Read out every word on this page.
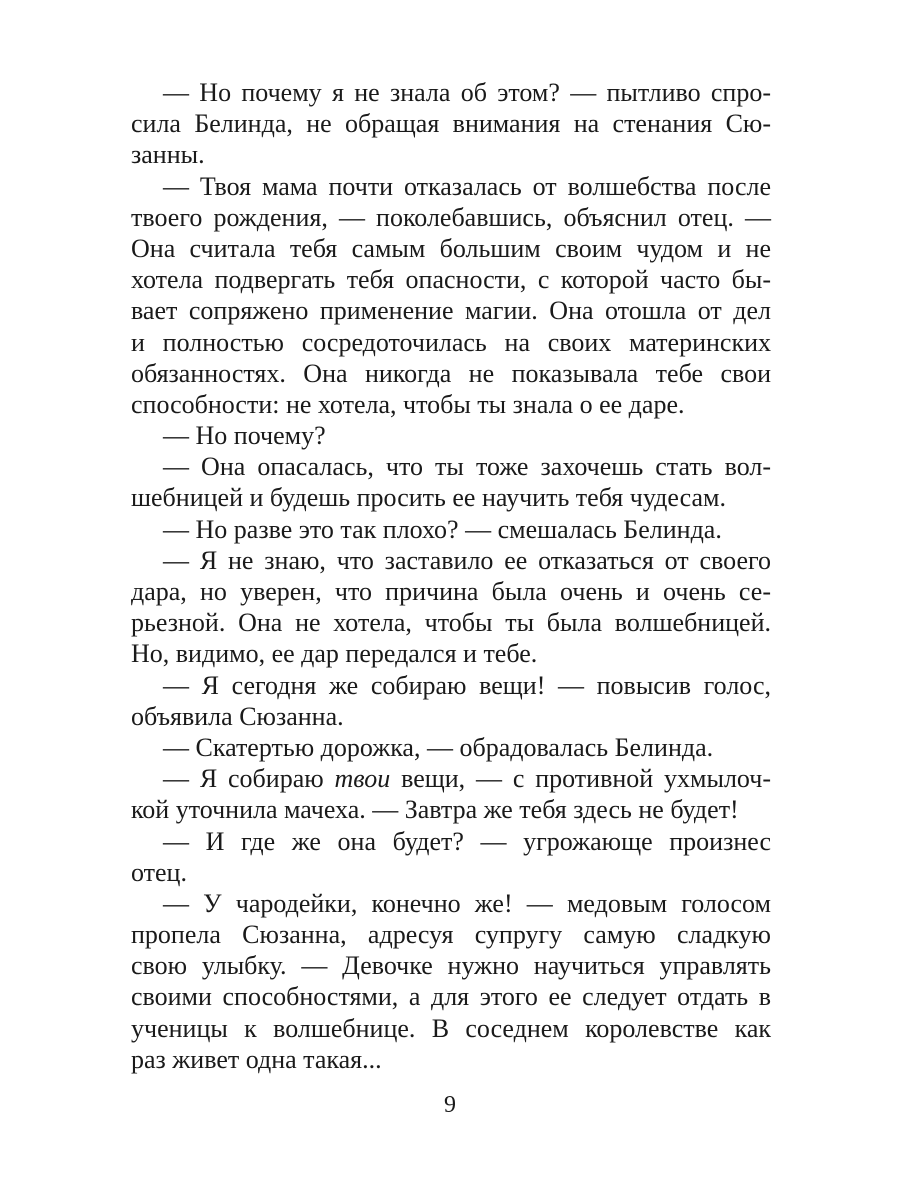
— Но почему я не знала об этом? — пытливо спро-
сила Белинда, не обращая внимания на стенания Сю-
занны.
— Твоя мама почти отказалась от волшебства после
твоего рождения, — поколебавшись, объяснил отец. —
Она считала тебя самым большим своим чудом и не
хотела подвергать тебя опасности, с которой часто бы-
вает сопряжено применение магии. Она отошла от дел
и полностью сосредоточилась на своих материнских
обязанностях. Она никогда не показывала тебе свои
способности: не хотела, чтобы ты знала о ее даре.
— Но почему?
— Она опасалась, что ты тоже захочешь стать вол-
шебницей и будешь просить ее научить тебя чудесам.
— Но разве это так плохо? — смешалась Белинда.
— Я не знаю, что заставило ее отказаться от своего
дара, но уверен, что причина была очень и очень се-
рьезной. Она не хотела, чтобы ты была волшебницей.
Но, видимо, ее дар передался и тебе.
— Я сегодня же собираю вещи! — повысив голос,
объявила Сюзанна.
— Скатертью дорожка, — обрадовалась Белинда.
— Я собираю твои вещи, — с противной ухмылоч-
кой уточнила мачеха. — Завтра же тебя здесь не будет!
— И где же она будет? — угрожающе произнес
отец.
— У чародейки, конечно же! — медовым голосом
пропела Сюзанна, адресуя супругу самую сладкую
свою улыбку. — Девочке нужно научиться управлять
своими способностями, а для этого ее следует отдать в
ученицы к волшебнице. В соседнем королевстве как
раз живет одна такая...
9
